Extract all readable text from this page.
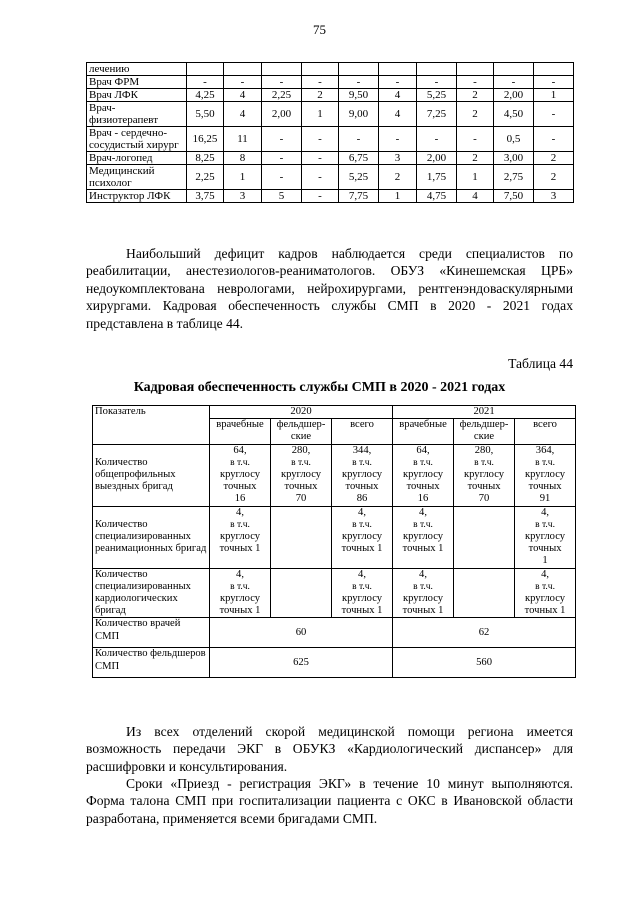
75
лечению										
Врач ФРМ	-	-	-	-	-	-	-	-	-	-
Врач ЛФК	4,25	4	2,25	2	9,50	4	5,25	2	2,00	1
Врач-физиотерапевт	5,50	4	2,00	1	9,00	4	7,25	2	4,50	-
Врач - сердечно-сосудистый хирург	16,25	11	-	-	-	-	-	-	0,5	-
Врач-логопед	8,25	8	-	-	6,75	3	2,00	2	3,00	2
Медицинский психолог	2,25	1	-	-	5,25	2	1,75	1	2,75	2
Инструктор ЛФК	3,75	3	5	-	7,75	1	4,75	4	7,50	3

Наибольший дефицит кадров наблюдается среди специалистов по реабилитации, анестезиологов-реаниматологов. ОБУЗ «Кинешемская ЦРБ» недоукомплектована неврологами, нейрохирургами, рентгенэндоваскулярными хирургами. Кадровая обеспеченность службы СМП в 2020 - 2021 годах представлена в таблице 44.

Таблица 44
Кадровая обеспеченность службы СМП в 2020 - 2021 годах
Показатель	2020			2021		
	врачебные	фельдшер-ские	всего	врачебные	фельдшер-ские	всего
Количество общепрофильных выездных бригад	64,
в т.ч.
круглосу
точных
16	280,
в т.ч.
круглосу
точных
70	344,
в т.ч.
круглосу
точных
86	64,
в т.ч.
круглосу
точных
16	280,
в т.ч.
круглосу
точных
70	364,
в т.ч.
круглосу
точных
91

Количество специализированных реанимационных бригад	4,
в т.ч.
круглосу
точных 1		4,
в т.ч.
круглосу
точных 1	4,
в т.ч.
круглосу
точных 1		4,
в т.ч.
круглосу
точных
1

Количество специализированных кардиологических бригад	4,
в т.ч.
круглосу
точных 1		4,
в т.ч.
круглосу
точных 1	4,
в т.ч.
круглосу
точных 1		4,
в т.ч.
круглосу
точных 1

Количество врачей СМП	60			62		
Количество фельдшеров СМП	625			560		

Из всех отделений скорой медицинской помощи региона имеется возможность передачи ЭКГ в ОБУКЗ «Кардиологический диспансер» для расшифровки и консультирования.

Сроки «Приезд - регистрация ЭКГ» в течение 10 минут выполняются. Форма талона СМП при госпитализации пациента с ОКС в Ивановской области разработана, применяется всеми бригадами СМП.
